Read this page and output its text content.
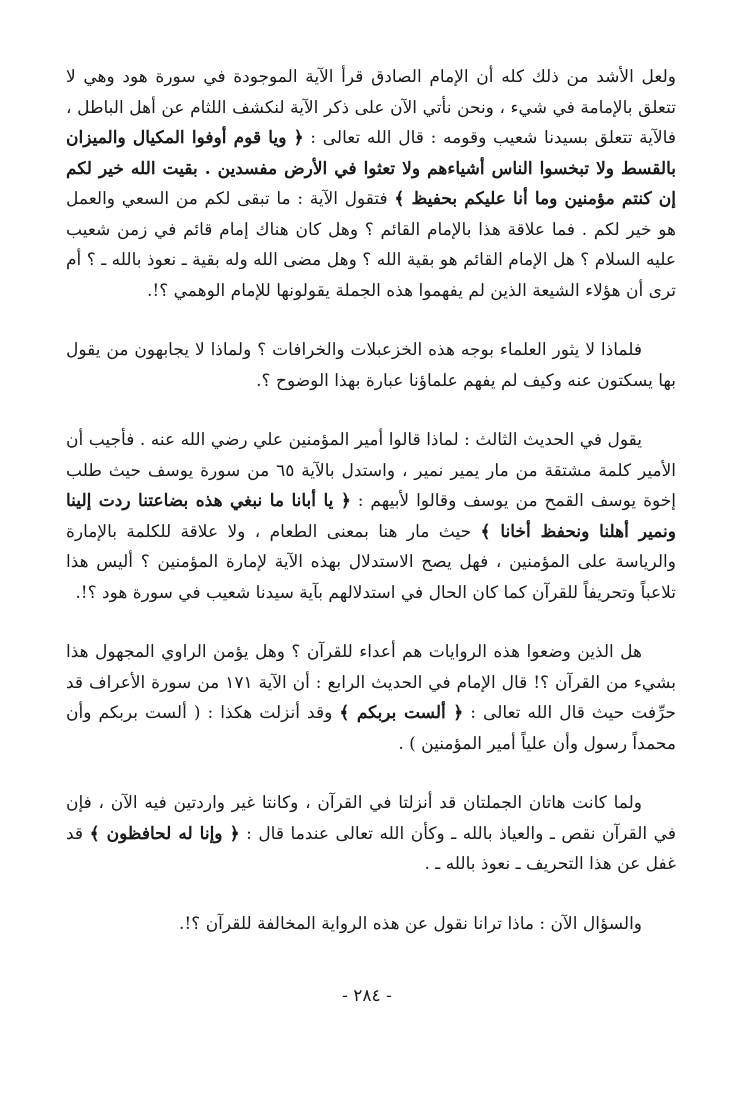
ولعل الأشد من ذلك كله أن الإمام الصادق قرأ الآية الموجودة في سورة هود وهي لا تتعلق بالإمامة في شيء ، ونحن نأتي الآن على ذكر الآية لنكشف اللثام عن أهل الباطل ، فالآية تتعلق بسيدنا شعيب وقومه : قال الله تعالى : ﴿ ويا قوم أوفوا المكيال والميزان بالقسط ولا تبخسوا الناس أشياءهم ولا تعثوا في الأرض مفسدين . بقيت الله خير لكم إن كنتم مؤمنين وما أنا عليكم بحفيظ ﴾ فتقول الآية : ما تبقى لكم من السعي والعمل هو خير لكم . فما علاقة هذا بالإمام القائم ؟ وهل كان هناك إمام قائم في زمن شعيب عليه السلام ؟ هل الإمام القائم هو بقية الله ؟ وهل مضى الله وله بقية ـ نعوذ بالله ـ ؟ أم ترى أن هؤلاء الشيعة الذين لم يفهموا هذه الجملة يقولونها للإمام الوهمي ؟!.

فلماذا لا يثور العلماء بوجه هذه الخزعبلات والخرافات ؟ ولماذا لا يجابهون من يقول بها يسكتون عنه وكيف لم يفهم علماؤنا عبارة بهذا الوضوح ؟.

يقول في الحديث الثالث : لماذا قالوا أمير المؤمنين علي رضي الله عنه . فأجيب أن الأمير كلمة مشتقة من مار يمير نمير ، واستدل بالآية ٦٥ من سورة يوسف حيث طلب إخوة يوسف القمح من يوسف وقالوا لأبيهم : ﴿ يا أبانا ما نبغي هذه بضاعتنا ردت إلينا ونمير أهلنا ونحفظ أخانا ﴾ حيث مار هنا بمعنى الطعام ، ولا علاقة للكلمة بالإمارة والرياسة على المؤمنين ، فهل يصح الاستدلال بهذه الآية لإمارة المؤمنين ؟ أليس هذا تلاعباً وتحريفاً للقرآن كما كان الحال في استدلالهم بآية سيدنا شعيب في سورة هود ؟!.

هل الذين وضعوا هذه الروايات هم أعداء للقرآن ؟ وهل يؤمن الراوي المجهول هذا بشيء من القرآن ؟! قال الإمام في الحديث الرابع : أن الآية ١٧١ من سورة الأعراف قد حرِّفت حيث قال الله تعالى : ﴿ ألست بربكم ﴾ وقد أنزلت هكذا : ( ألست بربكم وأن محمداً رسول وأن علياً أمير المؤمنين ) .

ولما كانت هاتان الجملتان قد أنزلتا في القرآن ، وكانتا غير واردتين فيه الآن ، فإن في القرآن نقص ـ والعياذ بالله ـ وكأن الله تعالى عندما قال : ﴿ وإنا له لحافظون ﴾ قد غفل عن هذا التحريف ـ نعوذ بالله ـ .

والسؤال الآن : ماذا ترانا نقول عن هذه الرواية المخالفة للقرآن ؟!.

- ٢٨٤ -
